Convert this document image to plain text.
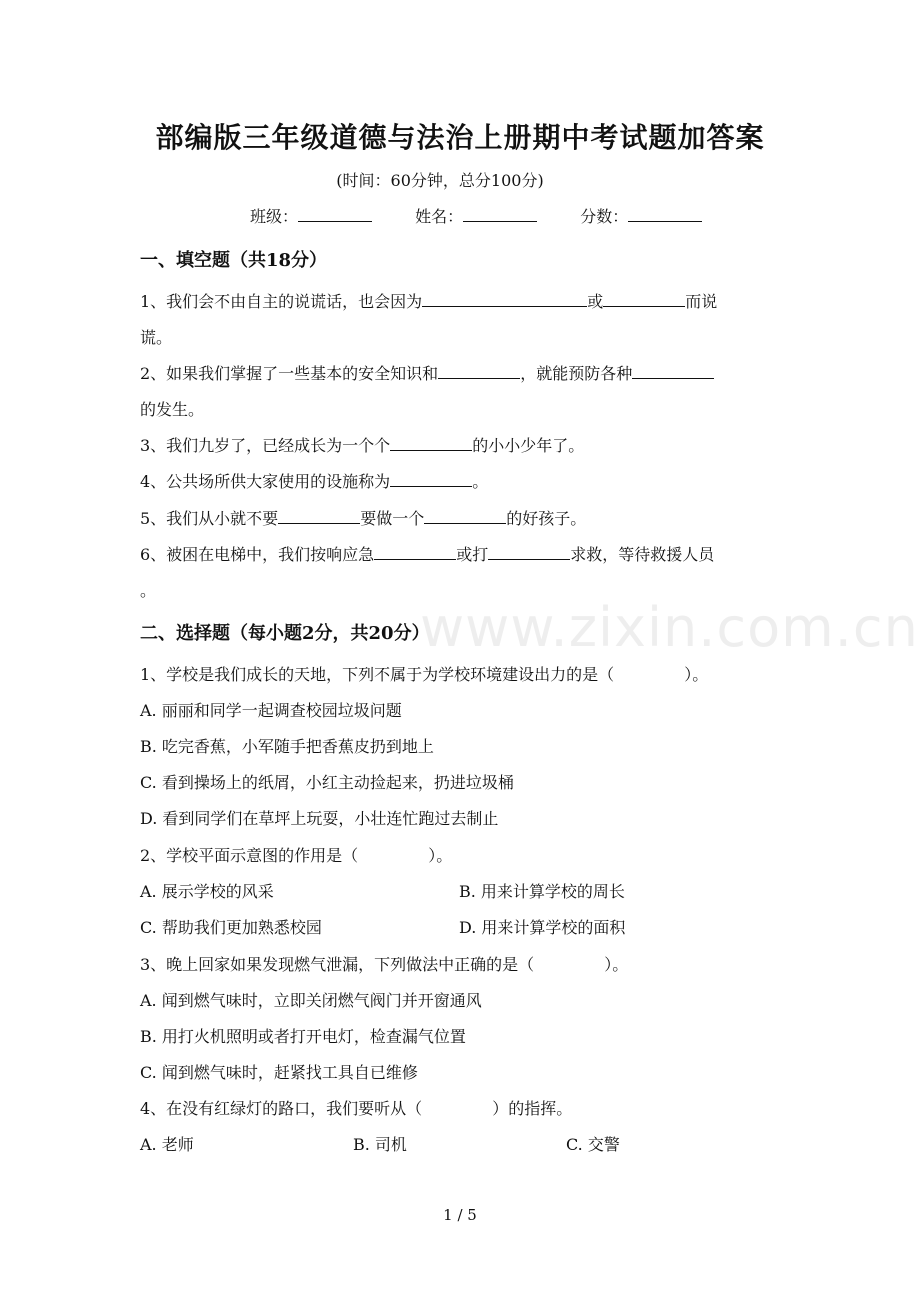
www.zixin.com.cn
部编版三年级道德与法治上册期中考试题加答案
(时间：60分钟，总分100分)
班级：	姓名：	分数：
一、填空题（共18分）
1、我们会不由自主的说谎话，也会因为	或	而说
谎。
2、如果我们掌握了一些基本的安全知识和	，就能预防各种
的发生。
3、我们九岁了，已经成长为一个个	的小小少年了。
4、公共场所供大家使用的设施称为	。
5、我们从小就不要	要做一个	的好孩子。
6、被困在电梯中，我们按响应急	或打	求救，等待救援人员
。
二、选择题（每小题2分，共20分）
1、学校是我们成长的天地，下列不属于为学校环境建设出力的是（	）。
A. 丽丽和同学一起调查校园垃圾问题
B. 吃完香蕉，小军随手把香蕉皮扔到地上
C. 看到操场上的纸屑，小红主动捡起来，扔进垃圾桶
D. 看到同学们在草坪上玩耍，小壮连忙跑过去制止
2、学校平面示意图的作用是（	）。
A. 展示学校的风采	B. 用来计算学校的周长
C. 帮助我们更加熟悉校园	D. 用来计算学校的面积
3、晚上回家如果发现燃气泄漏，下列做法中正确的是（	）。
A. 闻到燃气味时，立即关闭燃气阀门并开窗通风
B. 用打火机照明或者打开电灯，检查漏气位置
C. 闻到燃气味时，赶紧找工具自已维修
4、在没有红绿灯的路口，我们要听从（	）的指挥。
A. 老师	B. 司机	C. 交警
1 / 5
